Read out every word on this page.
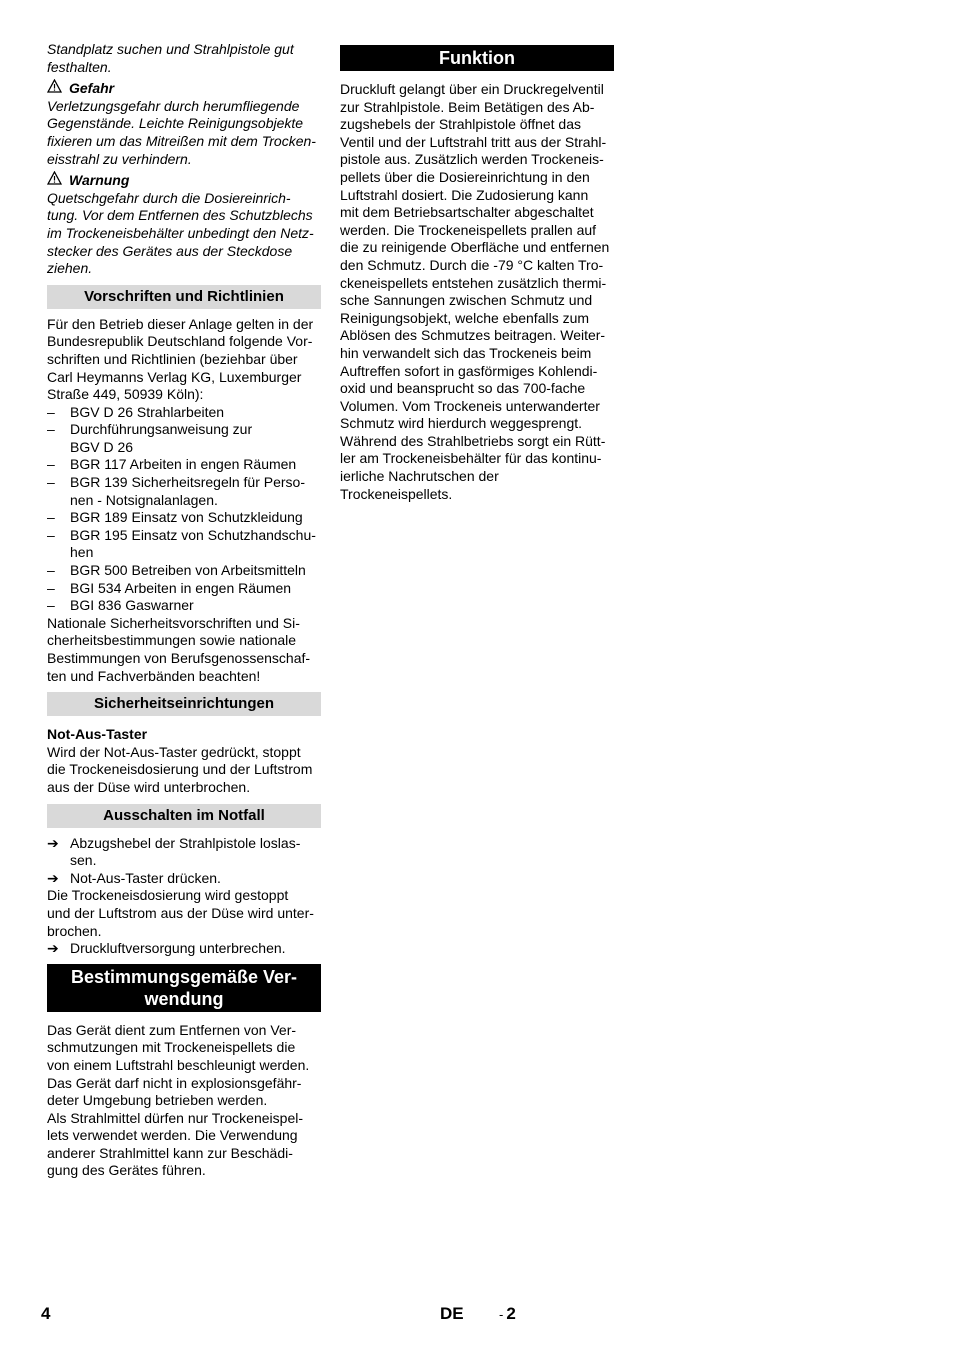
Standplatz suchen und Strahlpistole gut
festhalten.

Gefahr

Verletzungsgefahr durch herumfliegende
Gegenstände. Leichte Reinigungsobjekte
fixieren um das Mitreißen mit dem Trocken-
eisstrahl zu verhindern.

Warnung

Quetschgefahr durch die Dosiereinrich-
tung. Vor dem Entfernen des Schutzblechs
im Trockeneisbehälter unbedingt den Netz-
stecker des Gerätes aus der Steckdose
ziehen.

Vorschriften und Richtlinien

Für den Betrieb dieser Anlage gelten in der
Bundesrepublik Deutschland folgende Vor-
schriften und Richtlinien (beziehbar über
Carl Heymanns Verlag KG, Luxemburger
Straße 449, 50939 Köln):

– BGV D 26 Strahlarbeiten
– Durchführungsanweisung zur
BGV D 26
– BGR 117 Arbeiten in engen Räumen
– BGR 139 Sicherheitsregeln für Perso-
nen - Notsignalanlagen.
– BGR 189 Einsatz von Schutzkleidung
– BGR 195 Einsatz von Schutzhandschu-
hen
– BGR 500 Betreiben von Arbeitsmitteln
– BGI 534 Arbeiten in engen Räumen
– BGI 836 Gaswarner

Nationale Sicherheitsvorschriften und Si-
cherheitsbestimmungen sowie nationale
Bestimmungen von Berufsgenossenschaf-
ten und Fachverbänden beachten!

Sicherheitseinrichtungen

Not-Aus-Taster

Wird der Not-Aus-Taster gedrückt, stoppt
die Trockeneisdosierung und der Luftstrom
aus der Düse wird unterbrochen.

Ausschalten im Notfall
➔ Abzugshebel der Strahlpistole loslas-
sen.
➔ Not-Aus-Taster drücken.

Die Trockeneisdosierung wird gestoppt
und der Luftstrom aus der Düse wird unter-
brochen.

➔ Druckluftversorgung unterbrechen.
Bestimmungsgemäße Ver-
wendung

Das Gerät dient zum Entfernen von Ver-
schmutzungen mit Trockeneispellets die
von einem Luftstrahl beschleunigt werden.
Das Gerät darf nicht in explosionsgefähr-
deter Umgebung betrieben werden.
Als Strahlmittel dürfen nur Trockeneispel-
lets verwendet werden. Die Verwendung
anderer Strahlmittel kann zur Beschädi-
gung des Gerätes führen.

Funktion

Druckluft gelangt über ein Druckregelventil
zur Strahlpistole. Beim Betätigen des Ab-
zugshebels der Strahlpistole öffnet das
Ventil und der Luftstrahl tritt aus der Strahl-
pistole aus. Zusätzlich werden Trockeneis-
pellets über die Dosiereinrichtung in den
Luftstrahl dosiert. Die Zudosierung kann
mit dem Betriebsartschalter abgeschaltet
werden. Die Trockeneispellets prallen auf
die zu reinigende Oberfläche und entfernen
den Schmutz. Durch die -79 °C kalten Tro-
ckeneispellets entstehen zusätzlich thermi-
sche Sannungen zwischen Schmutz und
Reinigungsobjekt, welche ebenfalls zum
Ablösen des Schmutzes beitragen. Weiter-
hin verwandelt sich das Trockeneis beim
Auftreffen sofort in gasförmiges Kohlendi-
oxid und beansprucht so das 700-fache
Volumen. Vom Trockeneis unterwanderter
Schmutz wird hierdurch weggesprengt.
Während des Strahlbetriebs sorgt ein Rütt-
ler am Trockeneisbehälter für das kontinu-
ierliche Nachrutschen der
Trockeneispellets.

4	DE	- 2
